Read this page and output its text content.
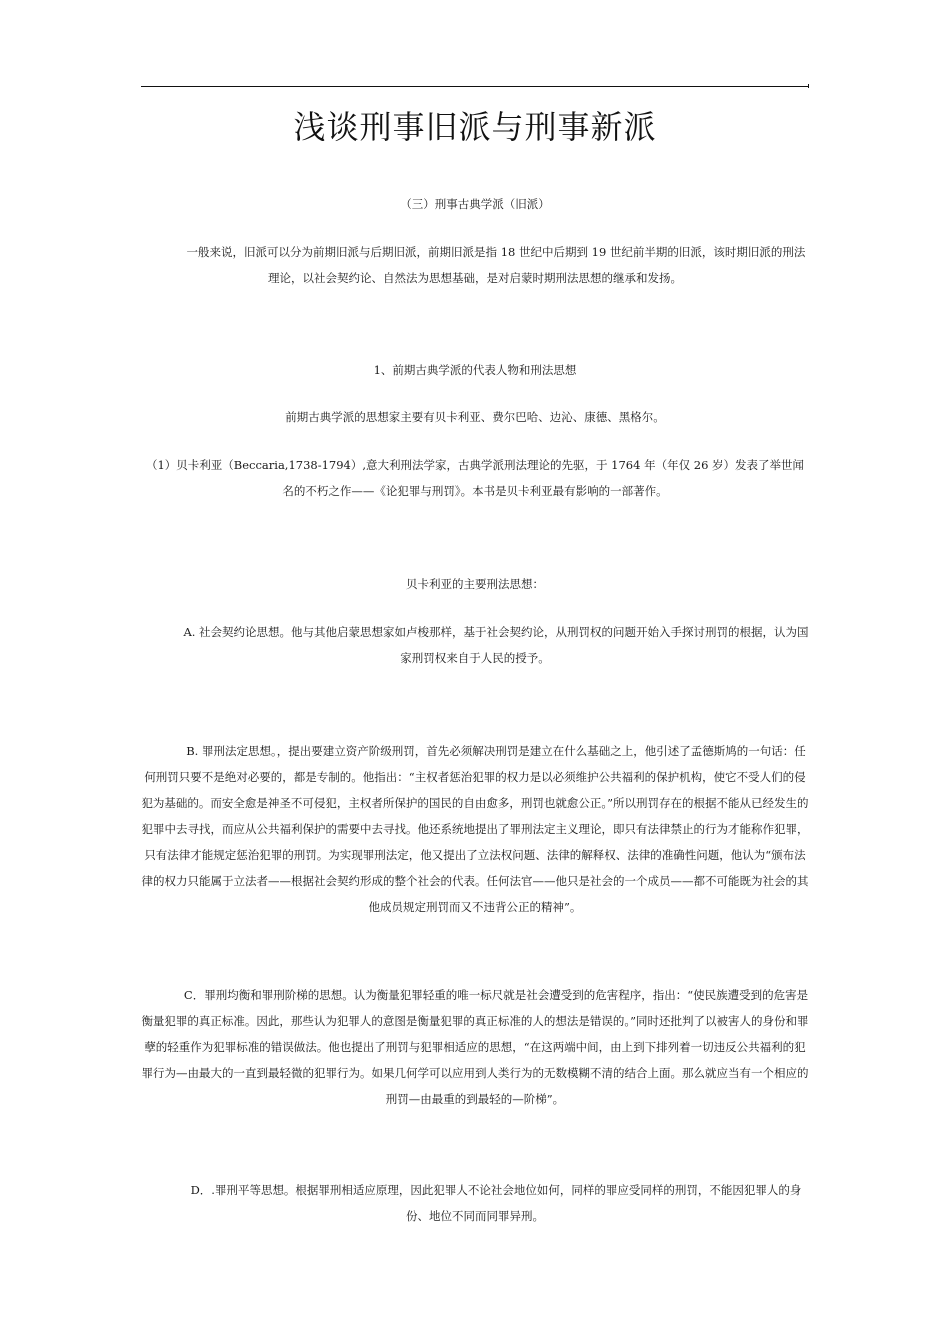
浅谈刑事旧派与刑事新派
（三）刑事古典学派（旧派）
一般来说，旧派可以分为前期旧派与后期旧派，前期旧派是指 18 世纪中后期到 19 世纪前半期的旧派，该时期旧派的刑法理论，以社会契约论、自然法为思想基础，是对启蒙时期刑法思想的继承和发扬。
1、前期古典学派的代表人物和刑法思想
前期古典学派的思想家主要有贝卡利亚、费尔巴哈、边沁、康德、黑格尔。
（1）贝卡利亚（Beccaria,1738-1794）,意大利刑法学家，古典学派刑法理论的先驱，于 1764 年（年仅 26 岁）发表了举世闻名的不朽之作——《论犯罪与刑罚》。本书是贝卡利亚最有影响的一部著作。
贝卡利亚的主要刑法思想：
A. 社会契约论思想。他与其他启蒙思想家如卢梭那样，基于社会契约论，从刑罚权的问题开始入手探讨刑罚的根据，认为国家刑罚权来自于人民的授予。
B. 罪刑法定思想。，提出要建立资产阶级刑罚，首先必须解决刑罚是建立在什么基础之上，他引述了孟德斯鸠的一句话：任何刑罚只要不是绝对必要的，都是专制的。他指出：“主权者惩治犯罪的权力是以必须维护公共福利的保护机构，使它不受人们的侵犯为基础的。而安全愈是神圣不可侵犯，主权者所保护的国民的自由愈多，刑罚也就愈公正。”所以刑罚存在的根据不能从已经发生的犯罪中去寻找，而应从公共福利保护的需要中去寻找。他还系统地提出了罪刑法定主义理论，即只有法律禁止的行为才能称作犯罪，只有法律才能规定惩治犯罪的刑罚。为实现罪刑法定，他又提出了立法权问题、法律的解释权、法律的准确性问题，他认为“颁布法律的权力只能属于立法者——根据社会契约形成的整个社会的代表。任何法官——他只是社会的一个成员——都不可能既为社会的其他成员规定刑罚而又不违背公正的精神”。
C．罪刑均衡和罪刑阶梯的思想。认为衡量犯罪轻重的唯一标尺就是社会遭受到的危害程序，指出：“使民族遭受到的危害是衡量犯罪的真正标准。因此，那些认为犯罪人的意图是衡量犯罪的真正标准的人的想法是错误的。”同时还批判了以被害人的身份和罪孽的轻重作为犯罪标准的错误做法。他也提出了刑罚与犯罪相适应的思想，“在这两端中间，由上到下排列着一切违反公共福利的犯罪行为—由最大的一直到最轻微的犯罪行为。如果几何学可以应用到人类行为的无数模糊不清的结合上面。那么就应当有一个相应的刑罚—由最重的到最轻的—阶梯”。
D．.罪刑平等思想。根据罪刑相适应原理，因此犯罪人不论社会地位如何，同样的罪应受同样的刑罚，不能因犯罪人的身份、地位不同而同罪异刑。
